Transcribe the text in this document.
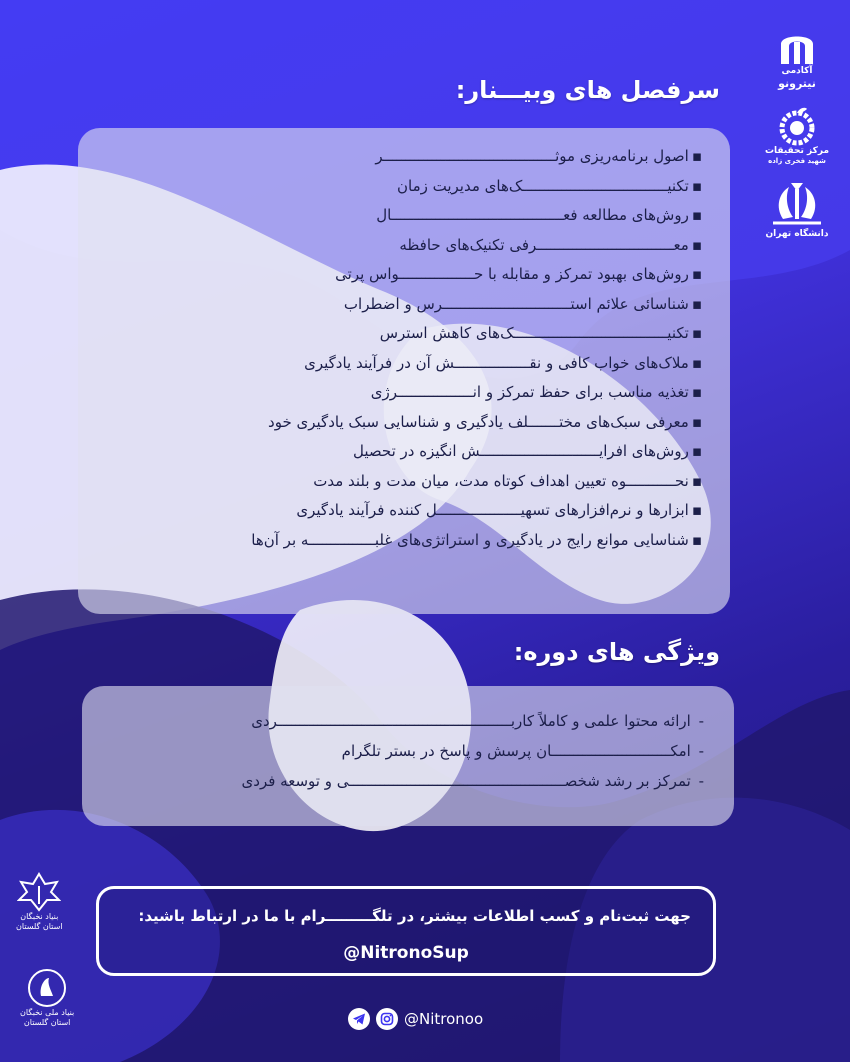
آکادمی
نیترونو
مرکز تحقیقات
شهید فخری زاده
دانشگاه تهران
سرفصل های وبیـــنار:
▪ اصول برنامه‌ریزی موثـــــــــــــــــــــــــــــــــــــــر
▪ تکنیـــــــــــــــــــــــــــــــــک‌های مدیریت زمان
▪ روش‌های مطالعه فعـــــــــــــــــــــــــــــــــــــــال
▪ معـــــــــــــــــــــــــــــــرفی تکنیک‌های حافظه
▪ روش‌های بهبود تمرکز و مقابله با حـــــــــــــــــواس پرتی
▪ شناسائی علائم استـــــــــــــــــــــــــــــرس و اضطراب
▪ تکنیـــــــــــــــــــــــــــــــــــک‌های کاهش استرس
▪ ملاک‌های خواب کافی و نقـــــــــــــــــش آن در فرآیند یادگیری
▪ تغذیه مناسب برای حفظ تمرکز و انـــــــــــــــــرژی
▪ معرفی سبک‌های مختـــــــلف یادگیری و شناسایی سبک یادگیری خود
▪ روش‌های افرایـــــــــــــــــــــــــــش انگیزه در تحصیل
▪ نحـــــــــــوه تعیین اهداف کوتاه مدت، میان مدت و بلند مدت
▪ ابزارها و نرم‌افزارهای تسهیـــــــــــــــــــل کننده فرآیند یادگیری
▪ شناسایی موانع رایج در یادگیری و استراتژی‌های غلبـــــــــــــــه بر آن‌ها
ویژگی های دوره:
- ارائه محتوا علمی و کاملاً کاربـــــــــــــــــــــــــــــــــــــــــــــــــــــردی
- امکـــــــــــــــــــــــــــان پرسش و پاسخ در بستر تلگرام
- تمرکز بر رشد شخصـــــــــــــــــــــــــــــــــــــــــــــــــی و توسعه فردی
بنیاد نخبگان
استان گلستان
بنیاد ملی نخبگان
استان گلستان
جهت ثبت‌نام و کسب اطلاعات بیشتر، در تلگـــــــــرام با ما در ارتباط باشید:
@NitronoSup
@Nitronoo
